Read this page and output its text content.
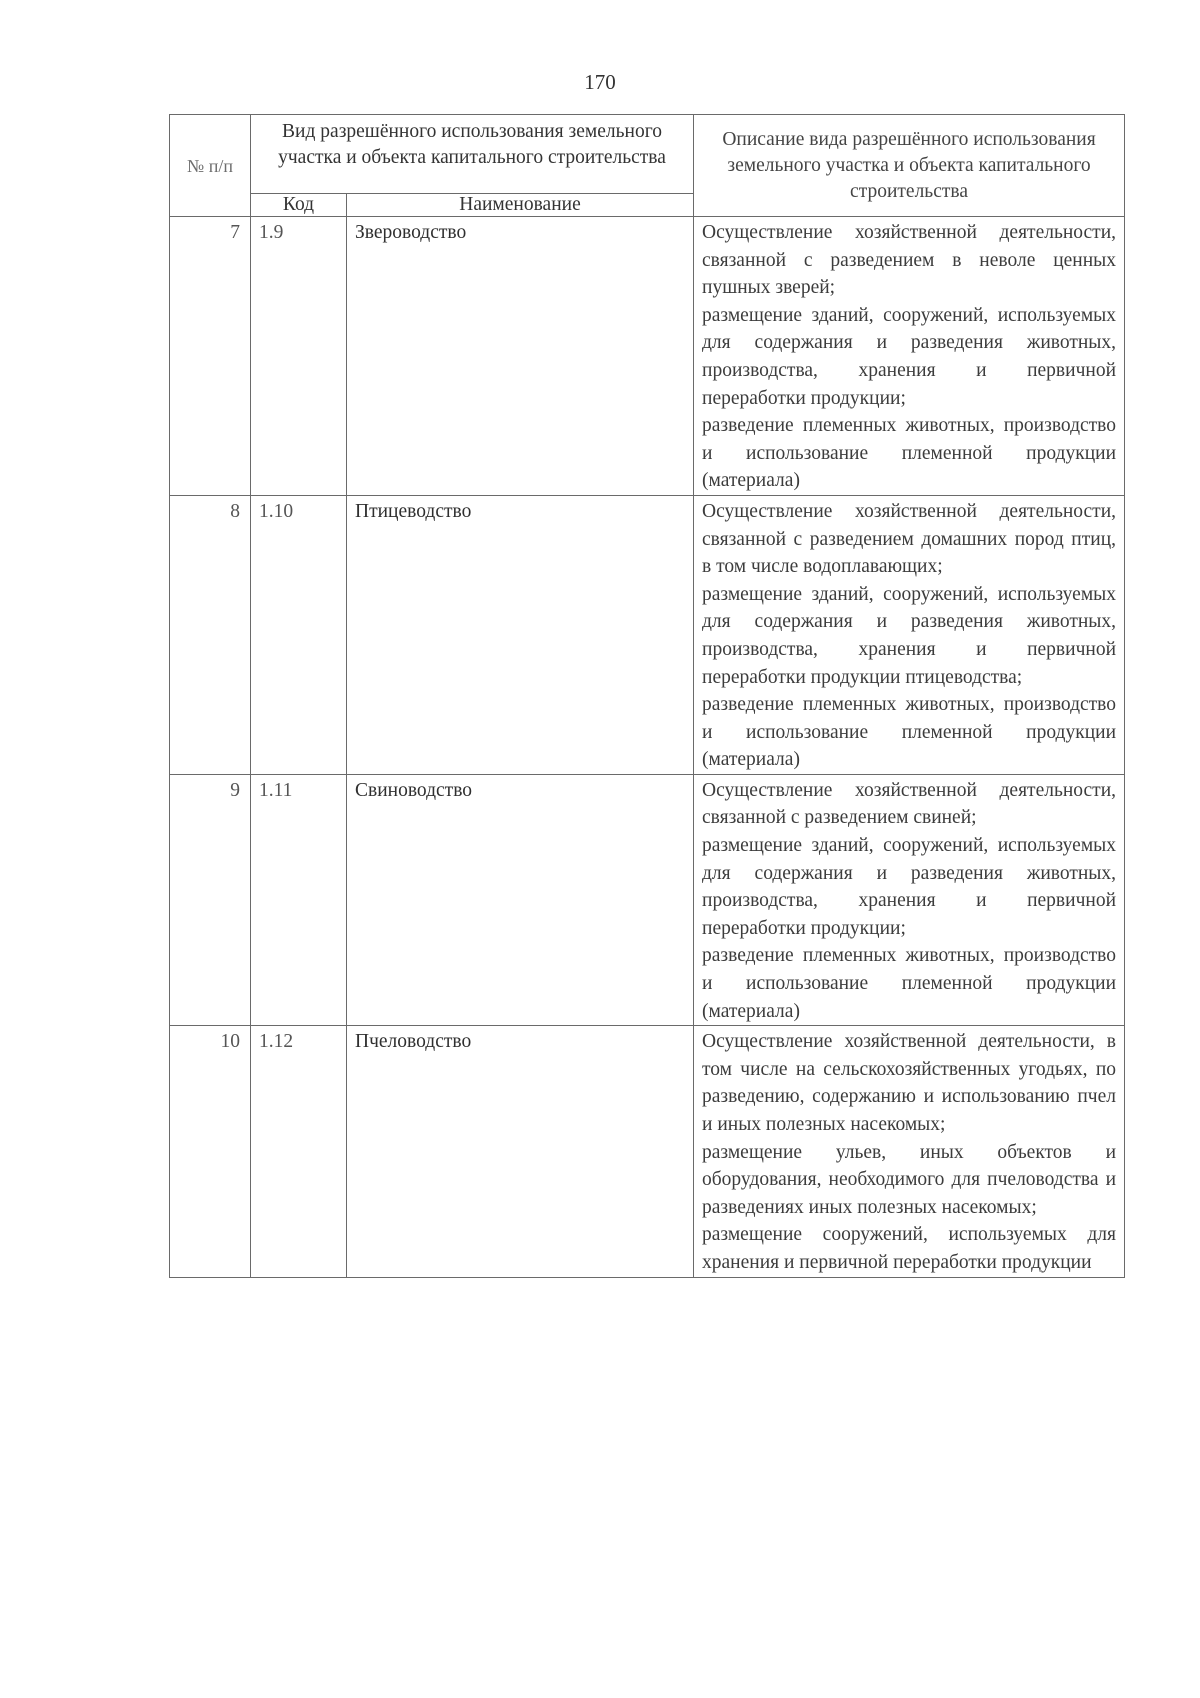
170
№ п/п	Вид разрешённого использования земельного участка и объекта капитального строительства		Описание вида разрешённого использования земельного участка и объекта капитального строительства
	Код	Наименование	
7	1.9	Звероводство	Осуществление хозяйственной деятельности, связанной с разведением в неволе ценных пушных зверей;

размещение зданий, сооружений, используемых для содержания и разведения животных, производства, хранения и первичной переработки продукции;

разведение племенных животных, производство и использование племенной продукции (материала)

8	1.10	Птицеводство	Осуществление хозяйственной деятельности, связанной с разведением домашних пород птиц, в том числе водоплавающих;

размещение зданий, сооружений, используемых для содержания и разведения животных, производства, хранения и первичной переработки продукции птицеводства;

разведение племенных животных, производство и использование племенной продукции (материала)

9	1.11	Свиноводство	Осуществление хозяйственной деятельности, связанной с разведением свиней;

размещение зданий, сооружений, используемых для содержания и разведения животных, производства, хранения и первичной переработки продукции;

разведение племенных животных, производство и использование племенной продукции (материала)

10	1.12	Пчеловодство	Осуществление хозяйственной деятельности, в том числе на сельскохозяйственных угодьях, по разведению, содержанию и использованию пчел и иных полезных насекомых;

размещение ульев, иных объектов и оборудования, необходимого для пчеловодства и разведениях иных полезных насекомых;

размещение сооружений, используемых для хранения и первичной переработки продукции
